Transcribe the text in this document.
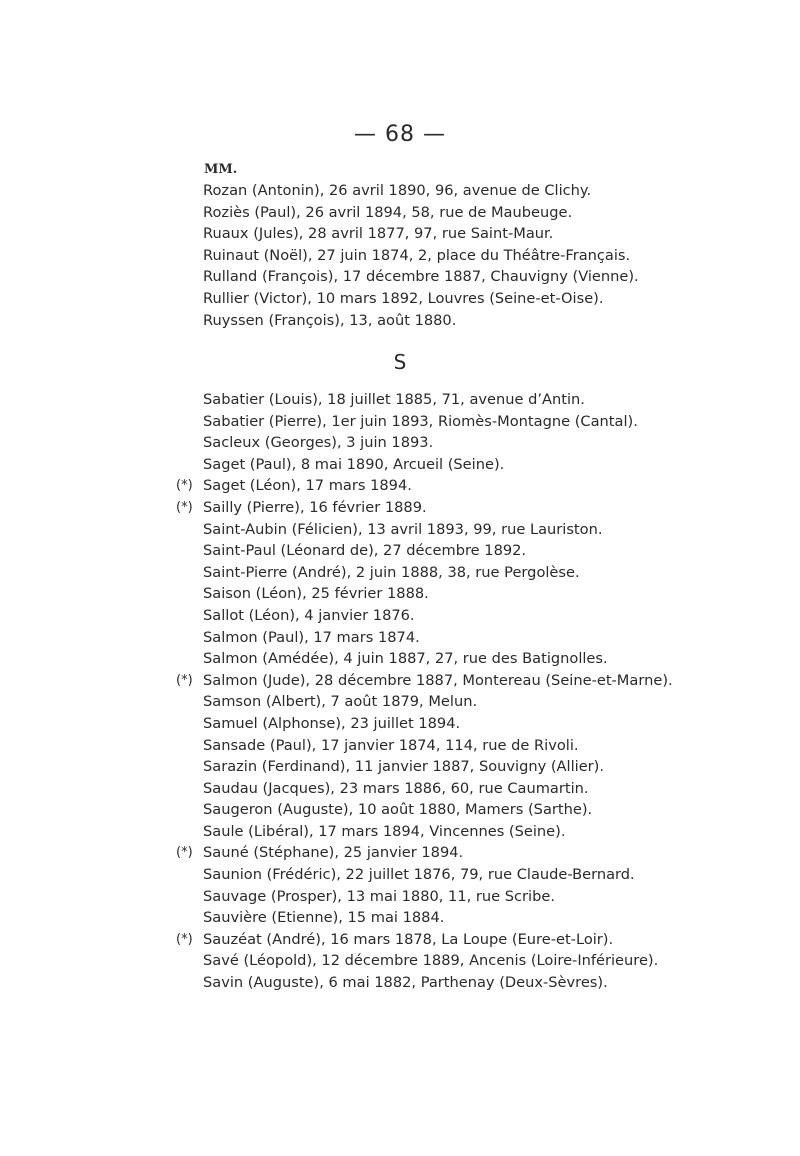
— 68 —
MM.
Rozan (Antonin), 26 avril 1890, 96, avenue de Clichy.
Roziès (Paul), 26 avril 1894, 58, rue de Maubeuge.
Ruaux (Jules), 28 avril 1877, 97, rue Saint-Maur.
Ruinaut (Noël), 27 juin 1874, 2, place du Théâtre-Français.
Rulland (François), 17 décembre 1887, Chauvigny (Vienne).
Rullier (Victor), 10 mars 1892, Louvres (Seine-et-Oise).
Ruyssen (François), 13, août 1880.
S
Sabatier (Louis), 18 juillet 1885, 71, avenue d’Antin.
Sabatier (Pierre), 1er juin 1893, Riomès-Montagne (Cantal).
Sacleux (Georges), 3 juin 1893.
Saget (Paul), 8 mai 1890, Arcueil (Seine).
(*) Saget (Léon), 17 mars 1894.
(*) Sailly (Pierre), 16 février 1889.
Saint-Aubin (Félicien), 13 avril 1893, 99, rue Lauriston.
Saint-Paul (Léonard de), 27 décembre 1892.
Saint-Pierre (André), 2 juin 1888, 38, rue Pergolèse.
Saison (Léon), 25 février 1888.
Sallot (Léon), 4 janvier 1876.
Salmon (Paul), 17 mars 1874.
Salmon (Amédée), 4 juin 1887, 27, rue des Batignolles.
(*) Salmon (Jude), 28 décembre 1887, Montereau (Seine-et-Marne).
Samson (Albert), 7 août 1879, Melun.
Samuel (Alphonse), 23 juillet 1894.
Sansade (Paul), 17 janvier 1874, 114, rue de Rivoli.
Sarazin (Ferdinand), 11 janvier 1887, Souvigny (Allier).
Saudau (Jacques), 23 mars 1886, 60, rue Caumartin.
Saugeron (Auguste), 10 août 1880, Mamers (Sarthe).
Saule (Libéral), 17 mars 1894, Vincennes (Seine).
(*) Sauné (Stéphane), 25 janvier 1894.
Saunion (Frédéric), 22 juillet 1876, 79, rue Claude-Bernard.
Sauvage (Prosper), 13 mai 1880, 11, rue Scribe.
Sauvière (Etienne), 15 mai 1884.
(*) Sauzéat (André), 16 mars 1878, La Loupe (Eure-et-Loir).
Savé (Léopold), 12 décembre 1889, Ancenis (Loire-Inférieure).
Savin (Auguste), 6 mai 1882, Parthenay (Deux-Sèvres).
